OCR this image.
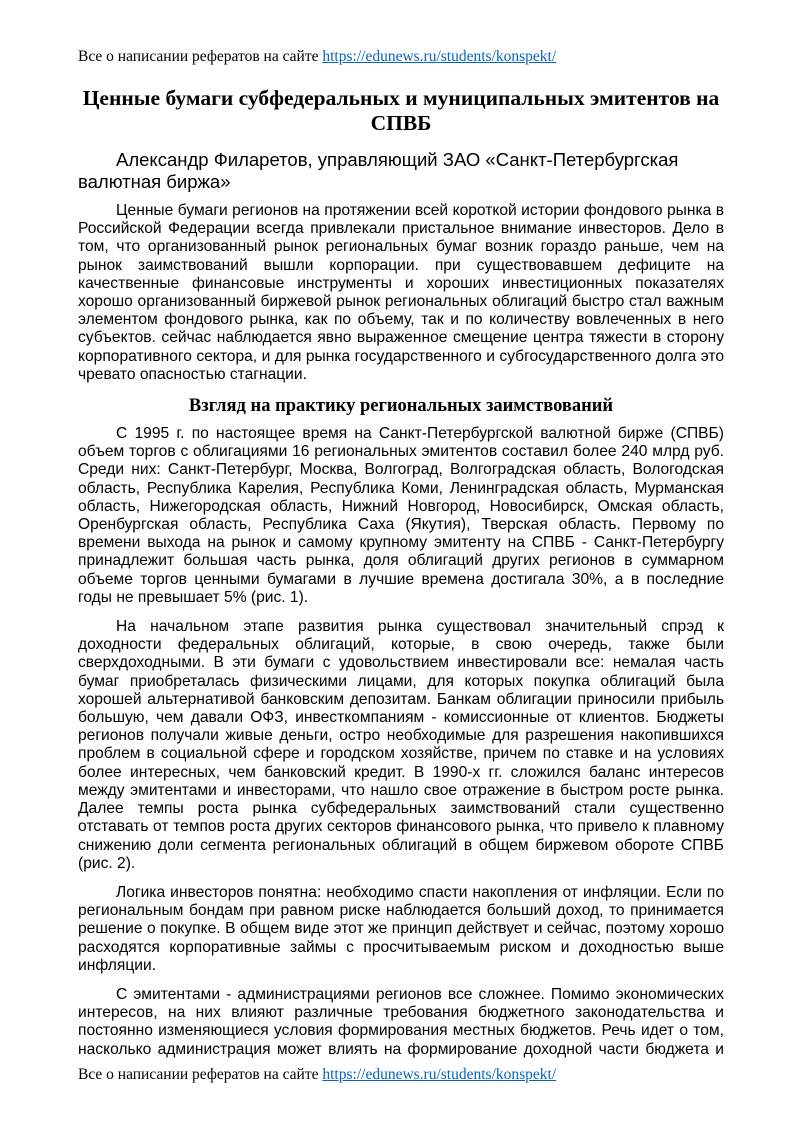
Все о написании рефератов на сайте https://edunews.ru/students/konspekt/
Ценные бумаги субфедеральных и муниципальных эмитентов на СПВБ

Александр Филаретов, управляющий ЗАО «Санкт-Петербургская валютная биржа»

Ценные бумаги регионов на протяжении всей короткой истории фондового рынка в Российской Федерации всегда привлекали пристальное внимание инвесторов. Дело в том, что организованный рынок региональных бумаг возник гораздо раньше, чем на рынок заимствований вышли корпорации. при существовавшем дефиците на качественные финансовые инструменты и хороших инвестиционных показателях хорошо организованный биржевой рынок региональных облигаций быстро стал важным элементом фондового рынка, как по объему, так и по количеству вовлеченных в него субъектов. сейчас наблюдается явно выраженное смещение центра тяжести в сторону корпоративного сектора, и для рынка государственного и субгосударственного долга это чревато опасностью стагнации.

Взгляд на практику региональных заимствований

С 1995 г. по настоящее время на Санкт-Петербургской валютной бирже (СПВБ) объем торгов с облигациями 16 региональных эмитентов составил более 240 млрд руб. Среди них: Санкт-Петербург, Москва, Волгоград, Волгоградская область, Вологодская область, Республика Карелия, Республика Коми, Ленинградская область, Мурманская область, Нижегородская область, Нижний Новгород, Новосибирск, Омская область, Оренбургская область, Республика Саха (Якутия), Тверская область. Первому по времени выхода на рынок и самому крупному эмитенту на СПВБ - Санкт-Петербургу принадлежит большая часть рынка, доля облигаций других регионов в суммарном объеме торгов ценными бумагами в лучшие времена достигала 30%, а в последние годы не превышает 5% (рис. 1).

На начальном этапе развития рынка существовал значительный спрэд к доходности федеральных облигаций, которые, в свою очередь, также были сверхдоходными. В эти бумаги с удовольствием инвестировали все: немалая часть бумаг приобреталась физическими лицами, для которых покупка облигаций была хорошей альтернативой банковским депозитам. Банкам облигации приносили прибыль большую, чем давали ОФЗ, инвесткомпаниям - комиссионные от клиентов. Бюджеты регионов получали живые деньги, остро необходимые для разрешения накопившихся проблем в социальной сфере и городском хозяйстве, причем по ставке и на условиях более интересных, чем банковский кредит. В 1990-х гг. сложился баланс интересов между эмитентами и инвесторами, что нашло свое отражение в быстром росте рынка. Далее темпы роста рынка субфедеральных заимствований стали существенно отставать от темпов роста других секторов финансового рынка, что привело к плавному снижению доли сегмента региональных облигаций в общем биржевом обороте СПВБ (рис. 2).

Логика инвесторов понятна: необходимо спасти накопления от инфляции. Если по региональным бондам при равном риске наблюдается больший доход, то принимается решение о покупке. В общем виде этот же принцип действует и сейчас, поэтому хорошо расходятся корпоративные займы с просчитываемым риском и доходностью выше инфляции.

С эмитентами - администрациями регионов все сложнее. Помимо экономических интересов, на них влияют различные требования бюджетного законодательства и постоянно изменяющиеся условия формирования местных бюджетов. Речь идет о том, насколько администрация может влиять на формирование доходной части бюджета и

Все о написании рефератов на сайте https://edunews.ru/students/konspekt/
